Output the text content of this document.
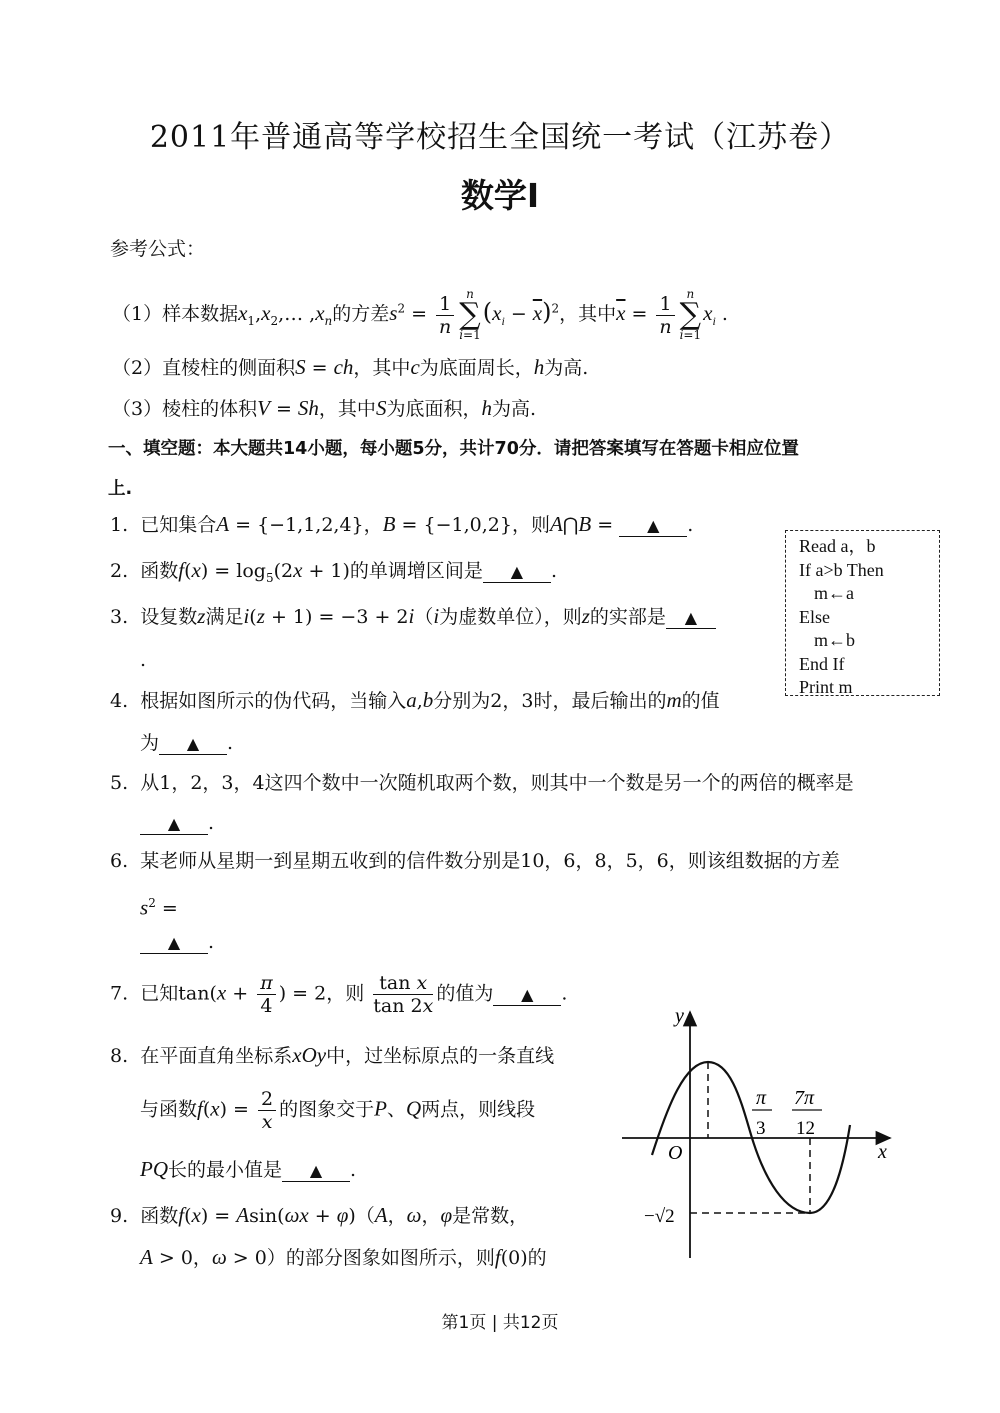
2011年普通高等学校招生全国统一考试（江苏卷）
数学Ⅰ
参考公式：
（1）样本数据$x_1,x_2,\dots$ $,x_n$的方差$s^2 = \frac{1}{n}$ n
∑
$i=1(x_i - \overline{x})^2$，其中$\overline{x} = \frac{1}{n}$ n
∑
$i=1x_i$ .
（2）直棱柱的侧面积S = ch，其中c为底面周长，h为高.
（3）棱柱的体积V = Sh，其中S为底面积，h为高.
一、填空题：本大题共14小题，每小题5分，共计70分．请把答案填写在答题卡相应位置
上.
1. 已知集合A = {−1,1,2,4}，B = {−1,0,2}，则A⋂B = ▲ .
Read a，b
If a>b Then
m←a
Else
m←b
End If
Print m
2. 函数$f(x) = \log_5(2x + 1)$的单调增区间是 ▲ .
3. 设复数z满足i(z + 1) = −3 + 2i（i为虚数单位），则z的实部是 ▲
.
4. 根据如图所示的伪代码，当输入a,b分别为2，3时，最后输出的m的值
为 ▲ .
5. 从1，2，3，4这四个数中一次随机取两个数，则其中一个数是另一个的两倍的概率是
▲ .
6. 某老师从星期一到星期五收到的信件数分别是10，6，8，5，6，则该组数据的方差
$s^2$ =
▲ .
7. 已知$\tan(x + \frac{\pi}{4}$ ) = 2，则 $\frac{\text{tan x}}{\tan 2x}$ 的值为 ▲ .
8. 在平面直角坐标系xOy中，过坐标原点的一条直线
与函数$f(x) = \frac{2}{x}$ 的图象交于P、Q两点，则线段
PQ长的最小值是 ▲ .
9. 函数f(x) = Asin(ωx + φ)（A，ω，φ是常数，
A > 0，ω > 0）的部分图象如图所示，则f(0)的
y
x
O
π
3
7π
12
−√2
第1页 | 共12页
